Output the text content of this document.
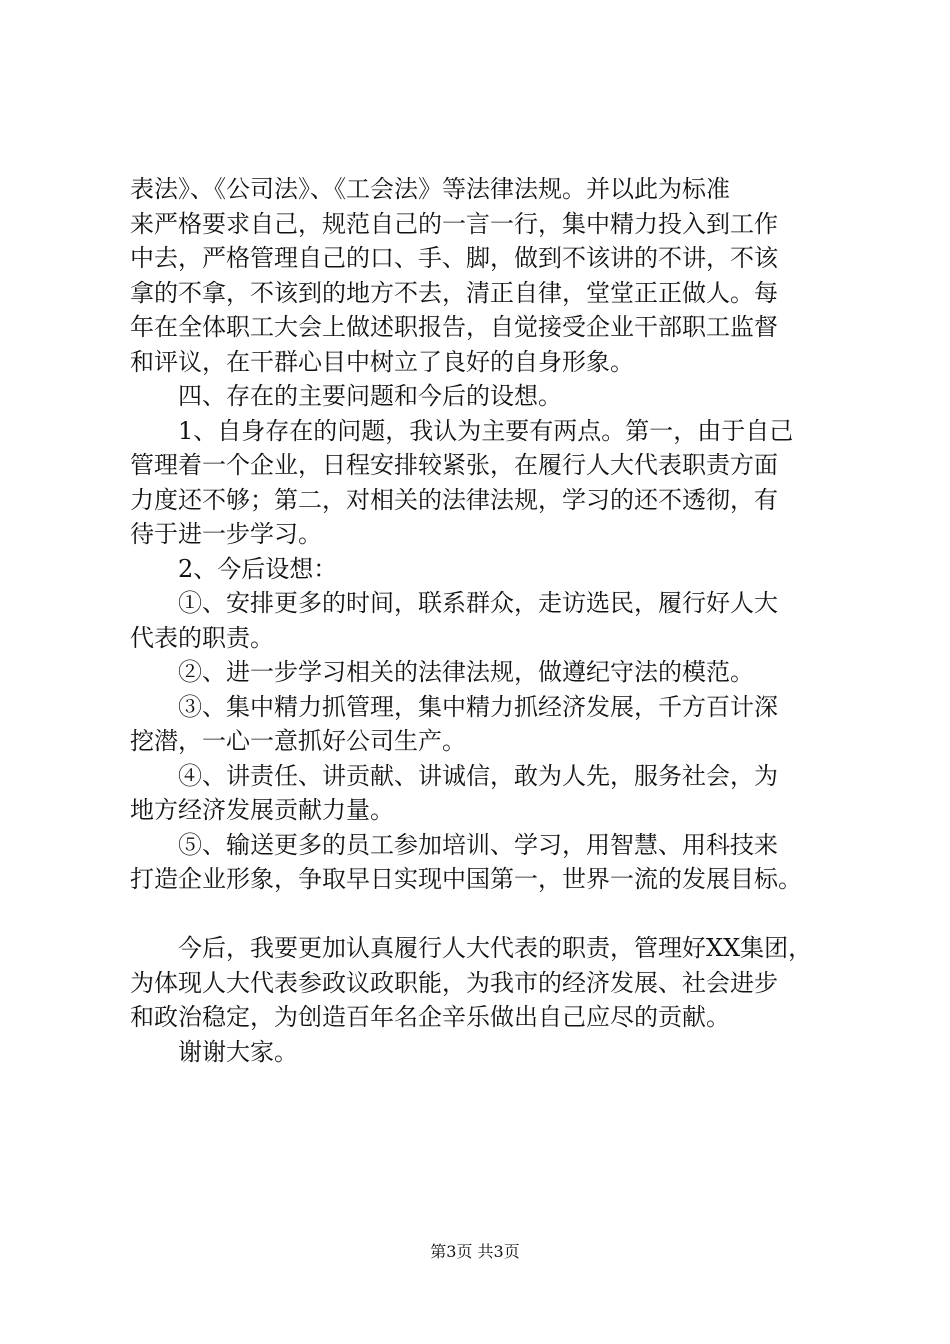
表法》、《公司法》、《工会法》等法律法规。并以此为标准
来严格要求自己，规范自己的一言一行，集中精力投入到工作
中去，严格管理自己的口、手、脚，做到不该讲的不讲，不该
拿的不拿，不该到的地方不去，清正自律，堂堂正正做人。每
年在全体职工大会上做述职报告，自觉接受企业干部职工监督
和评议，在干群心目中树立了良好的自身形象。
　　四、存在的主要问题和今后的设想。
　　1、自身存在的问题，我认为主要有两点。第一，由于自己
管理着一个企业，日程安排较紧张，在履行人大代表职责方面
力度还不够；第二，对相关的法律法规，学习的还不透彻，有
待于进一步学习。
　　2、今后设想：
　　①、安排更多的时间，联系群众，走访选民，履行好人大
代表的职责。
　　②、进一步学习相关的法律法规，做遵纪守法的模范。
　　③、集中精力抓管理，集中精力抓经济发展，千方百计深
挖潜，一心一意抓好公司生产。
　　④、讲责任、讲贡献、讲诚信，敢为人先，服务社会，为
地方经济发展贡献力量。
　　⑤、输送更多的员工参加培训、学习，用智慧、用科技来
打造企业形象，争取早日实现中国第一，世界一流的发展目标。
　　今后，我要更加认真履行人大代表的职责，管理好XX集团，
为体现人大代表参政议政职能，为我市的经济发展、社会进步
和政治稳定，为创造百年名企辛乐做出自己应尽的贡献。
　　谢谢大家。
第3页 共3页
